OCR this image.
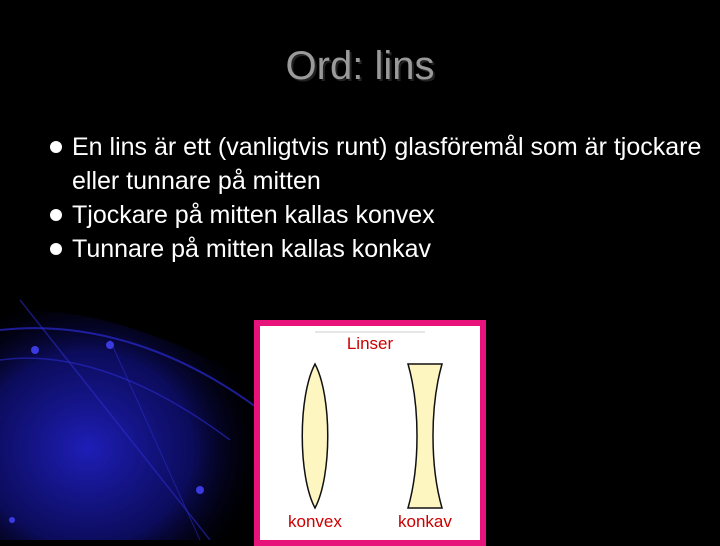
Ord: lins
En lins är ett (vanligtvis runt) glasföremål som är tjockare eller tunnare på mitten
Tjockare på mitten kallas konvex
Tunnare på mitten kallas konkav
Linser
konvex	konkav
